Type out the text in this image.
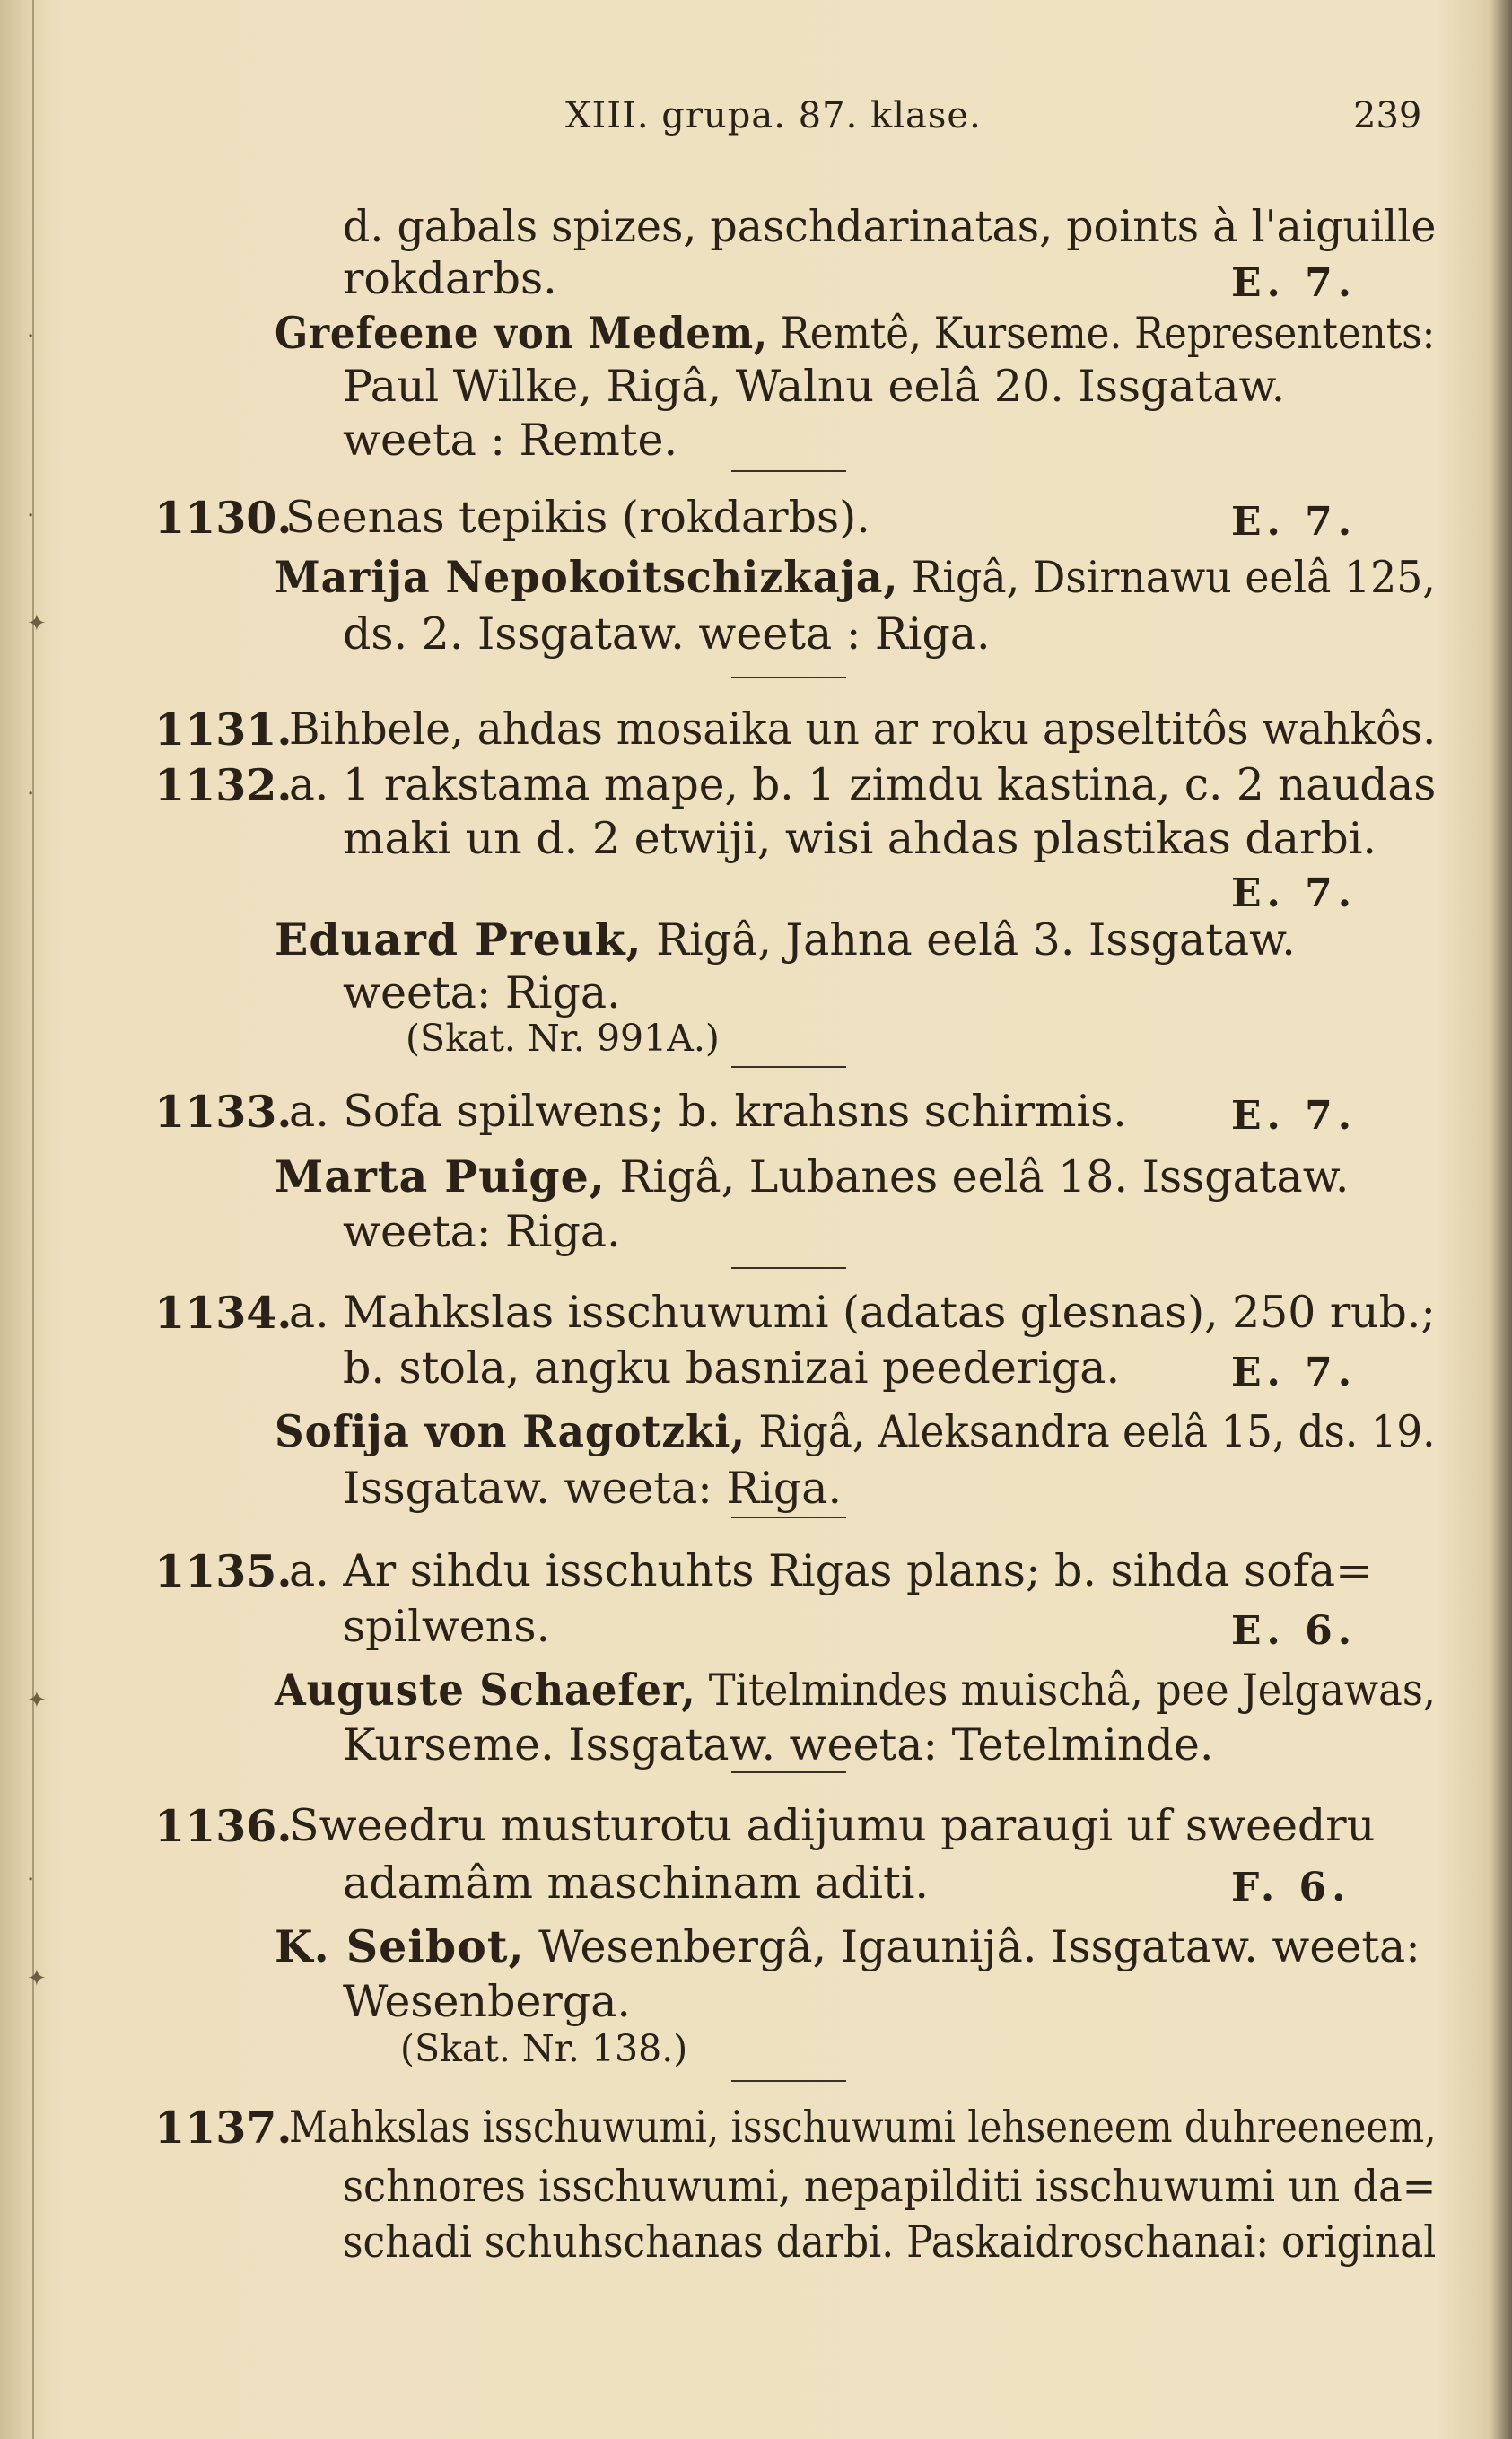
·
·
✦
·
✦
·
✦
XIII. grupa. 87. klase.	239
d. gabals spizes, paschdarinatas, points à l'aiguille
rokdarbs.	E. 7.
Grefeene von Medem, Remtê, Kurseme. Representents:
Paul Wilke, Rigâ, Walnu eelâ 20. Issgataw.
weeta : Remte.
1130.
Seenas tepikis (rokdarbs).	E. 7.
Marija Nepokoitschizkaja, Rigâ, Dsirnawu eelâ 125,
ds. 2. Issgataw. weeta : Riga.
1131.
Bihbele, ahdas mosaika un ar roku apseltitôs wahkôs.
1132.
a. 1 rakstama mape, b. 1 zimdu kastina, c. 2 naudas
maki un d. 2 etwiji, wisi ahdas plastikas darbi.
E. 7.
Eduard Preuk, Rigâ, Jahna eelâ 3. Issgataw.
weeta: Riga.
(Skat. Nr. 991A.)
1133.
a. Sofa spilwens; b. krahsns schirmis.	E. 7.
Marta Puige, Rigâ, Lubanes eelâ 18. Issgataw.
weeta: Riga.
1134.
a. Mahkslas isschuwumi (adatas glesnas), 250 rub.;
b. stola, angku basnizai peederiga.	E. 7.
Sofija von Ragotzki, Rigâ, Aleksandra eelâ 15, ds. 19.
Issgataw. weeta: Riga.
1135.
a. Ar sihdu isschuhts Rigas plans; b. sihda sofa=
spilwens.	E. 6.
Auguste Schaefer, Titelmindes muischâ, pee Jelgawas,
Kurseme. Issgataw. weeta: Tetelminde.
1136.
Sweedru musturotu adijumu paraugi uf sweedru
adamâm maschinam aditi.	F. 6.
K. Seibot, Wesenbergâ, Igaunijâ. Issgataw. weeta:
Wesenberga.
(Skat. Nr. 138.)
1137.
Mahkslas isschuwumi, isschuwumi lehseneem duhreeneem,
schnores isschuwumi, nepapilditi isschuwumi un da=
schadi schuhschanas darbi. Paskaidroschanai: original
